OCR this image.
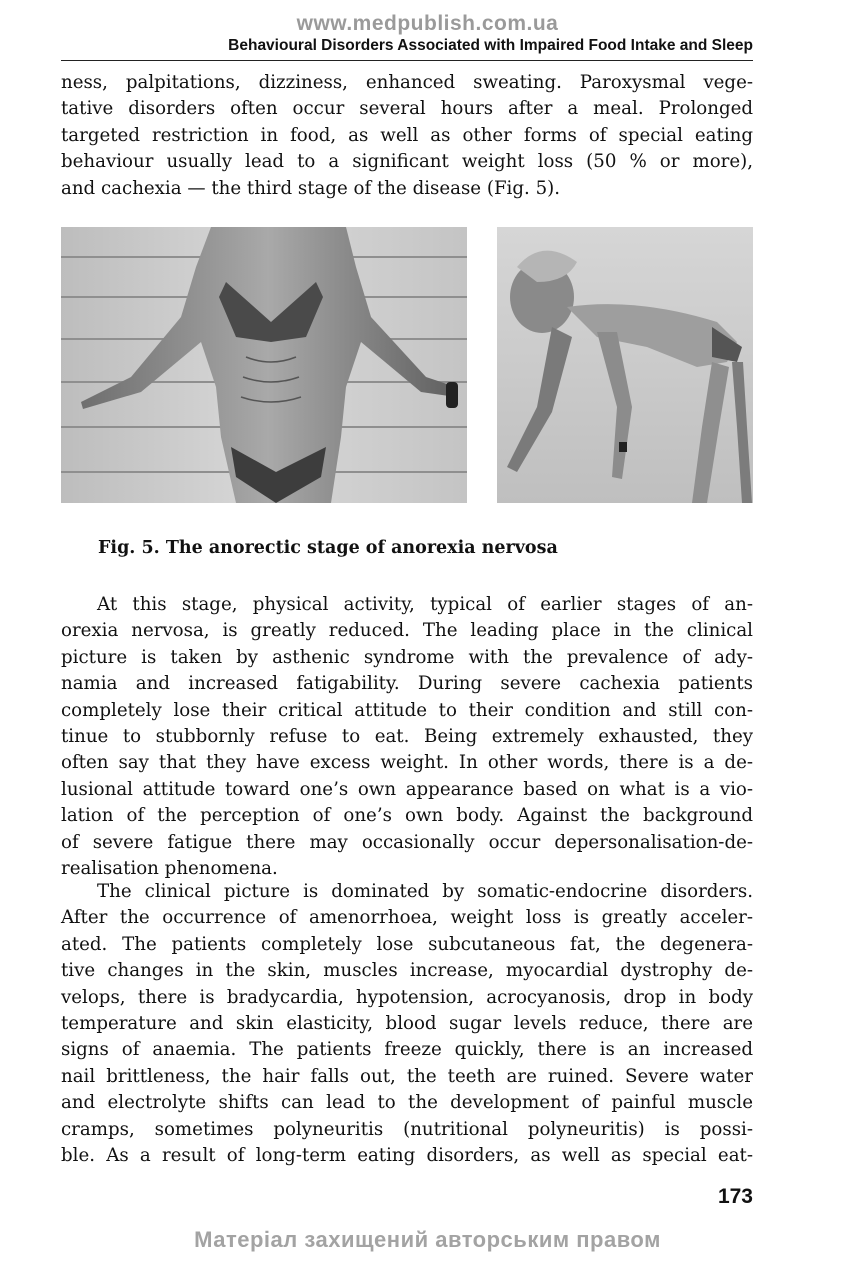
www.medpublish.com.ua
Behavioural Disorders Associated with Impaired Food Intake and Sleep

ness, palpitations, dizziness, enhanced sweating. Paroxysmal vege-
tative disorders often occur several hours after a meal. Prolonged
targeted restriction in food, as well as other forms of special eating
behaviour usually lead to a significant weight loss (50 % or more),
and cachexia — the third stage of the disease (Fig. 5).

Fig. 5. The anorectic stage of anorexia nervosa

At this stage, physical activity, typical of earlier stages of an-
orexia nervosa, is greatly reduced. The leading place in the clinical
picture is taken by asthenic syndrome with the prevalence of ady-
namia and increased fatigability. During severe cachexia patients
completely lose their critical attitude to their condition and still con-
tinue to stubbornly refuse to eat. Being extremely exhausted, they
often say that they have excess weight. In other words, there is a de-
lusional attitude toward one’s own appearance based on what is a vio-
lation of the perception of one’s own body. Against the background
of severe fatigue there may occasionally occur depersonalisation-de-
realisation phenomena.

The clinical picture is dominated by somatic-endocrine disorders.
After the occurrence of amenorrhoea, weight loss is greatly acceler-
ated. The patients completely lose subcutaneous fat, the degenera-
tive changes in the skin, muscles increase, myocardial dystrophy de-
velops, there is bradycardia, hypotension, acrocyanosis, drop in body
temperature and skin elasticity, blood sugar levels reduce, there are
signs of anaemia. The patients freeze quickly, there is an increased
nail brittleness, the hair falls out, the teeth are ruined. Severe water
and electrolyte shifts can lead to the development of painful muscle
cramps, sometimes polyneuritis (nutritional polyneuritis) is possi-
ble. As a result of long-term eating disorders, as well as special eat-

173
Матеріал захищений авторським правом
